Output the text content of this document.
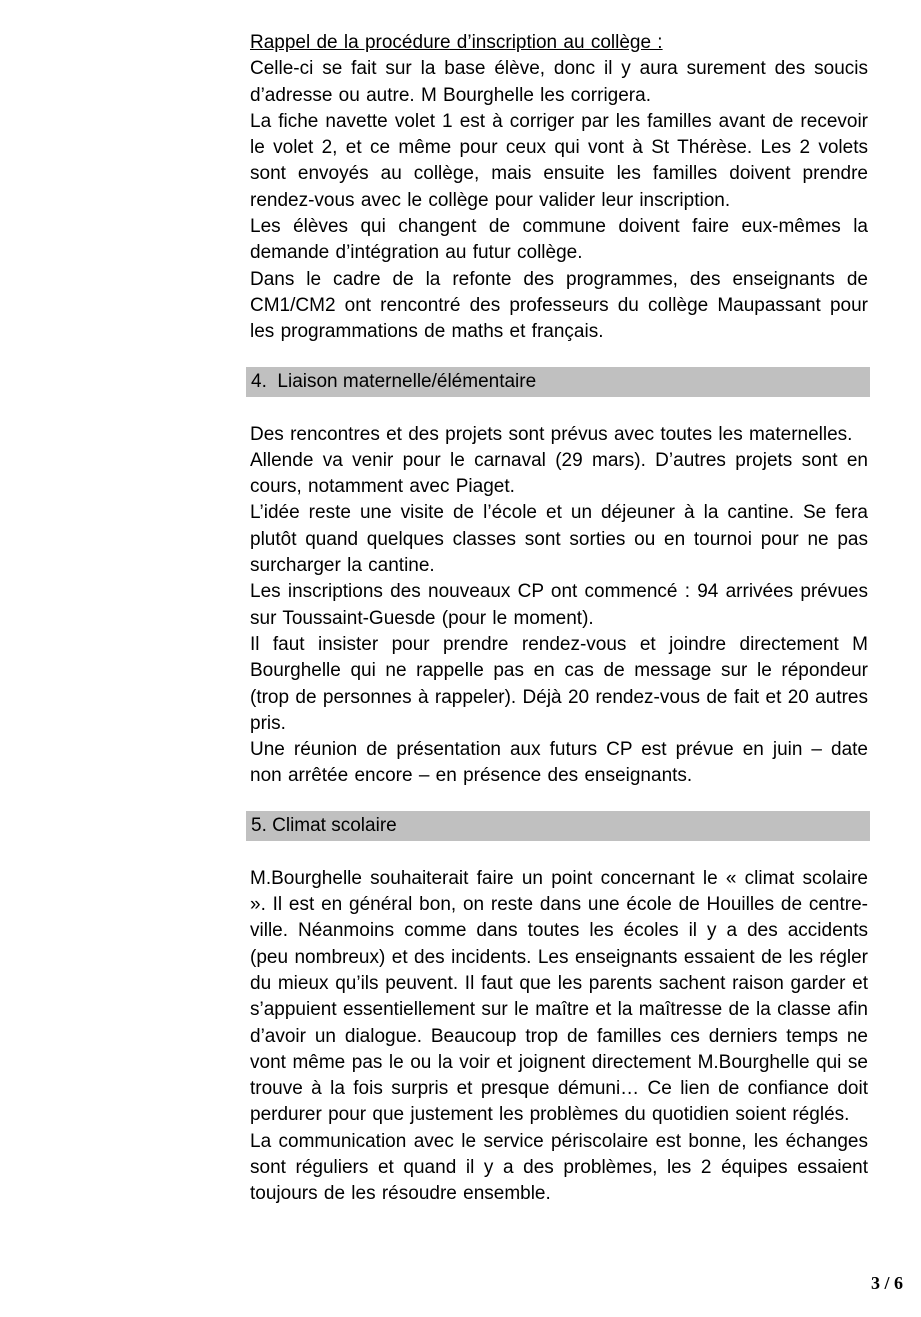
Rappel de la procédure d’inscription au collège :

Celle-ci se fait sur la base élève, donc il y aura surement des soucis d’adresse ou autre. M Bourghelle les corrigera.

La fiche navette volet 1 est à corriger par les familles avant de recevoir le volet 2, et ce même pour ceux qui vont à St Thérèse. Les 2 volets sont envoyés au collège, mais ensuite les familles doivent prendre rendez-vous avec le collège pour valider leur inscription.

Les élèves qui changent de commune doivent faire eux-mêmes la demande d’intégration au futur collège.

Dans le cadre de la refonte des programmes, des enseignants de CM1/CM2 ont rencontré des professeurs du collège Maupassant pour les programmations de maths et français.

4.  Liaison maternelle/élémentaire

Des rencontres et des projets sont prévus avec toutes les maternelles.

Allende va venir pour le carnaval (29 mars). D’autres projets sont en cours, notamment avec Piaget.

L’idée reste une visite de l’école et un déjeuner à la cantine. Se fera plutôt quand quelques classes sont sorties ou en tournoi pour ne pas surcharger la cantine.

Les inscriptions des nouveaux CP ont commencé : 94 arrivées prévues sur Toussaint-Guesde (pour le moment).

Il faut insister pour prendre rendez-vous et joindre directement M Bourghelle qui ne rappelle pas en cas de message sur le répondeur (trop de personnes à rappeler). Déjà 20 rendez-vous de fait et 20 autres pris.

Une réunion de présentation aux futurs CP est prévue en juin – date non arrêtée encore – en présence des enseignants.

5. Climat scolaire

M.Bourghelle souhaiterait faire un point concernant le « climat scolaire ». Il est en général bon, on reste dans une école de Houilles de centre-ville. Néanmoins comme dans toutes les écoles il y a des accidents (peu nombreux) et des incidents. Les enseignants essaient de les régler du mieux qu’ils peuvent. Il faut que les parents sachent raison garder et s’appuient essentiellement sur le maître et la maîtresse de la classe afin d’avoir un dialogue. Beaucoup trop de familles ces derniers temps ne vont même pas le ou la voir et joignent directement M.Bourghelle qui se trouve à la fois surpris et presque démuni… Ce lien de confiance doit perdurer pour que justement les problèmes du quotidien soient réglés.

La communication avec le service périscolaire est bonne, les échanges sont réguliers et quand il y a des problèmes, les 2 équipes essaient toujours de les résoudre ensemble.

3 / 6
